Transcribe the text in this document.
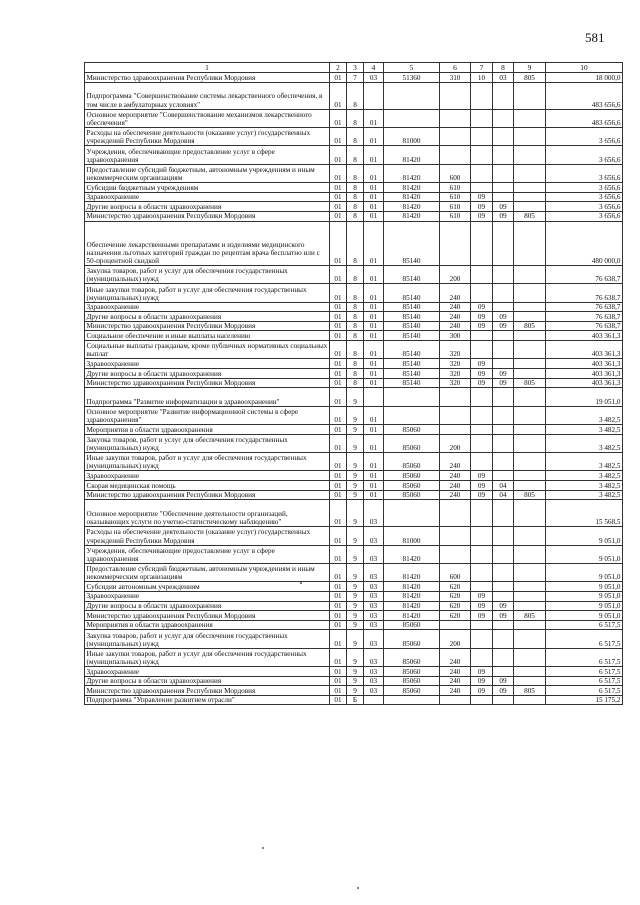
581
1	2	3	4	5	6	7	8	9	10
Министерство здравоохранения Республики Мордовия	01	7	03	51360	310	10	03	805	18 000,0
Подпрограмма "Совершенствование системы лекарственного обеспечения, в том числе в амбулаторных условиях"	01	8							483 656,6
Основное мероприятие "Совершенствование механизмов лекарственного обеспечения"	01	8	01						483 656,6
Расходы на обеспечение деятельности (оказание услуг) государственных учреждений Республики Мордовия	01	8	01	81000					3 656,6
Учреждения, обеспечивающие предоставление услуг в сфере здравоохранения	01	8	01	81420					3 656,6
Предоставление субсидий бюджетным, автономным учреждениям и иным некоммерческим организациям	01	8	01	81420	600				3 656,6
Субсидии бюджетным учреждениям	01	8	01	81420	610				3 656,6
Здравоохранение	01	8	01	81420	610	09			3 656,6
Другие вопросы в области здравоохранения	01	8	01	81420	610	09	09		3 656,6
Министерство здравоохранения Республики Мордовия	01	8	01	81420	610	09	09	805	3 656,6
Обеспечение лекарственными препаратами и изделиями медицинского назначения льготных категорий граждан по рецептам врача бесплатно или с 50-процентной скидкой	01	8	01	85140					480 000,0
Закупка товаров, работ и услуг для обеспечения государственных (муниципальных) нужд	01	8	01	85140	200				76 638,7
Иные закупки товаров, работ и услуг для обеспечения государственных (муниципальных) нужд	01	8	01	85140	240				76 638,7
Здравоохранение	01	8	01	85140	240	09			76 638,7
Другие вопросы в области здравоохранения	01	8	01	85140	240	09	09		76 638,7
Министерство здравоохранения Республики Мордовия	01	8	01	85140	240	09	09	805	76 638,7
Социальное обеспечение и иные выплаты населению	01	8	01	85140	300				403 361,3
Социальные выплаты гражданам, кроме публичных нормативных социальных выплат	01	8	01	85140	320				403 361,3
Здравоохранение	01	8	01	85140	320	09			403 361,3
Другие вопросы в области здравоохранения	01	8	01	85140	320	09	09		403 361,3
Министерство здравоохранения Республики Мордовия	01	8	01	85140	320	09	09	805	403 361,3
Подпрограмма "Развитие информатизации в здравоохранении"	01	9							19 051,0
Основное мероприятие "Развитие информационной системы в сфере здравоохранения"	01	9	01						3 482,5
Мероприятия в области здравоохранения	01	9	01	85060					3 482,5
Закупка товаров, работ и услуг для обеспечения государственных (муниципальных) нужд	01	9	01	85060	200				3 482,5
Иные закупки товаров, работ и услуг для обеспечения государственных (муниципальных) нужд	01	9	01	85060	240				3 482,5
Здравоохранение	01	9	01	85060	240	09			3 482,5
Скорая медицинская помощь	01	9	01	85060	240	09	04		3 482,5
Министерство здравоохранения Республики Мордовия	01	9	01	85060	240	09	04	805	3 482,5
Основное мероприятие "Обеспечение деятельности организаций, оказывающих услуги по учетно-статистическому наблюдению"	01	9	03						15 568,5
Расходы на обеспечение деятельности (оказание услуг) государственных учреждений Республики Мордовия	01	9	03	81000					9 051,0
Учреждения, обеспечивающие предоставление услуг в сфере здравоохранения	01	9	03	81420					9 051,0
Предоставление субсидий бюджетным, автономным учреждениям и иным некоммерческим организациям	01	9	03	81420	600				9 051,0
Субсидии автономным учреждениям	01	9	03	81420	620				9 051,0
Здравоохранение	01	9	03	81420	620	09			9 051,0
Другие вопросы в области здравоохранения	01	9	03	81420	620	09	09		9 051,0
Министерство здравоохранения Республики Мордовия	01	9	03	81420	620	09	09	805	9 051,0
Мероприятия в области здравоохранения	01	9	03	85060					6 517,5
Закупка товаров, работ и услуг для обеспечения государственных (муниципальных) нужд	01	9	03	85060	200				6 517,5
Иные закупки товаров, работ и услуг для обеспечения государственных (муниципальных) нужд	01	9	03	85060	240				6 517,5
Здравоохранение	01	9	03	85060	240	09			6 517,5
Другие вопросы в области здравоохранения	01	9	03	85060	240	09	09		6 517,5
Министерство здравоохранения Республики Мордовия	01	9	03	85060	240	09	09	805	6 517,5
Подпрограмма "Управление развитием отрасли"	01	Б							15 175,2
